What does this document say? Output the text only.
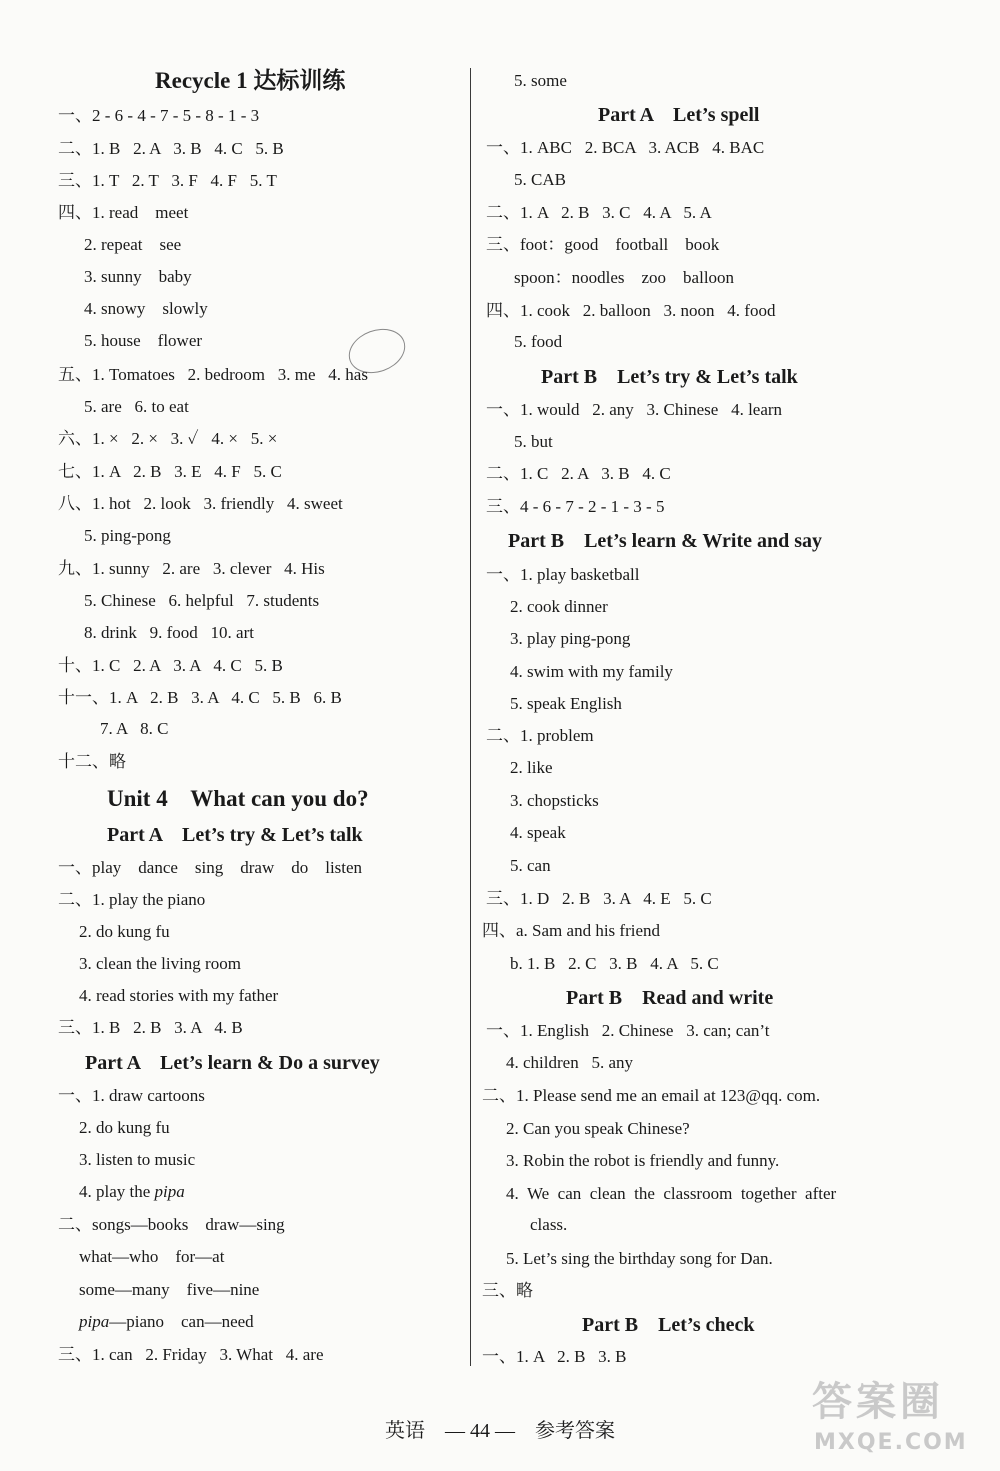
Recycle 1 达标训练
一、2 - 6 - 4 - 7 - 5 - 8 - 1 - 3
二、1. B   2. A   3. B   4. C   5. B
三、1. T   2. T   3. F   4. F   5. T
四、1. read    meet
2. repeat    see
3. sunny    baby
4. snowy    slowly
5. house    flower
五、1. Tomatoes   2. bedroom   3. me   4. has
5. are   6. to eat
六、1. ×   2. ×   3. ✓   4. ×   5. ×
七、1. A   2. B   3. E   4. F   5. C
八、1. hot   2. look   3. friendly   4. sweet
5. ping-pong
九、1. sunny   2. are   3. clever   4. His
5. Chinese   6. helpful   7. students
8. drink   9. food   10. art
十、1. C   2. A   3. A   4. C   5. B
十一、1. A   2. B   3. A   4. C   5. B   6. B
7. A   8. C
十二、略
Unit 4    What can you do?
Part A    Let’s try & Let’s talk
一、play    dance    sing    draw    do    listen
二、1. play the piano
2. do kung fu
3. clean the living room
4. read stories with my father
三、1. B   2. B   3. A   4. B
Part A    Let’s learn & Do a survey
一、1. draw cartoons
2. do kung fu
3. listen to music
4. play the pipa
二、songs—books    draw—sing
what—who    for—at
some—many    five—nine
pipa—piano    can—need
三、1. can   2. Friday   3. What   4. are
5. some
Part A    Let’s spell
一、1. ABC   2. BCA   3. ACB   4. BAC
5. CAB
二、1. A   2. B   3. C   4. A   5. A
三、foot：good    football    book
spoon：noodles    zoo    balloon
四、1. cook   2. balloon   3. noon   4. food
5. food
Part B    Let’s try & Let’s talk
一、1. would   2. any   3. Chinese   4. learn
5. but
二、1. C   2. A   3. B   4. C
三、4 - 6 - 7 - 2 - 1 - 3 - 5
Part B    Let’s learn & Write and say
一、1. play basketball
2. cook dinner
3. play ping-pong
4. swim with my family
5. speak English
二、1. problem
2. like
3. chopsticks
4. speak
5. can
三、1. D   2. B   3. A   4. E   5. C
四、a. Sam and his friend
b. 1. B   2. C   3. B   4. A   5. C
Part B    Read and write
一、1. English   2. Chinese   3. can; can’t
4. children   5. any
二、1. Please send me an email at 123@qq. com.
2. Can you speak Chinese?
3. Robin the robot is friendly and funny.
4.  We  can  clean  the  classroom  together  after
class.
5. Let’s sing the birthday song for Dan.
三、略
Part B    Let’s check
一、1. A   2. B   3. B
英语    — 44 —    参考答案
答案圈
MXQE.COM
